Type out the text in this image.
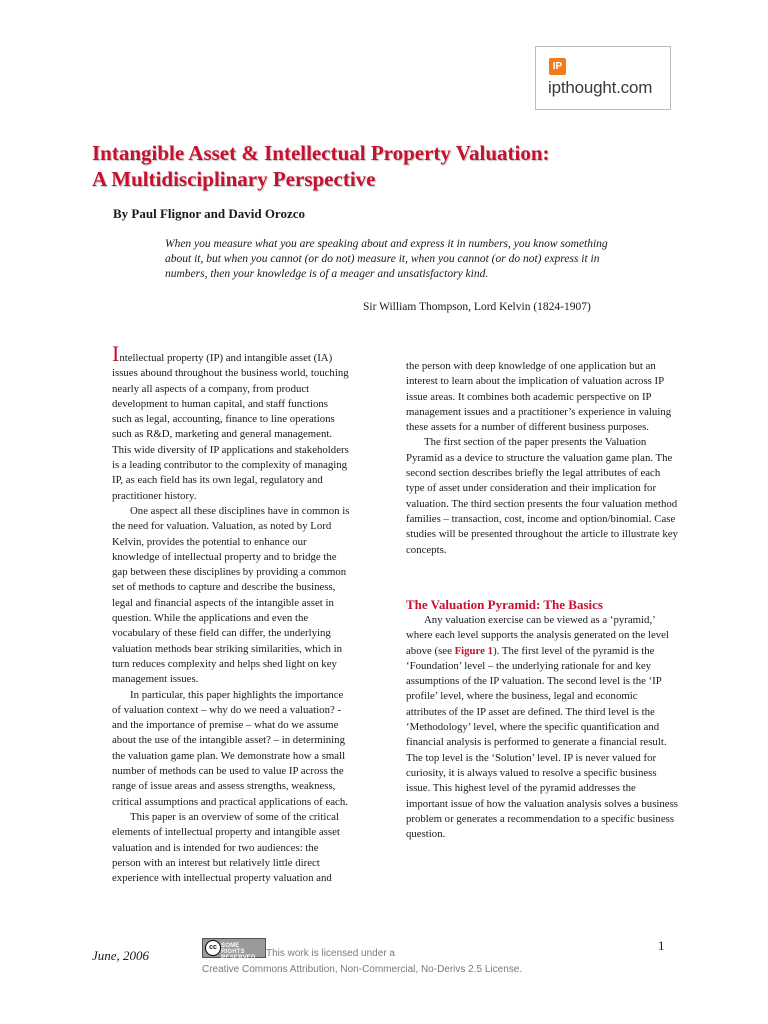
IP
ipthought.com
Intangible Asset & Intellectual Property Valuation:
A Multidisciplinary Perspective
By Paul Flignor and David Orozco
When you measure what you are speaking about and express it in numbers, you know something about it, but when you cannot (or do not) measure it, when you cannot (or do not) express it in numbers, then your knowledge is of a meager and unsatisfactory kind.
Sir William Thompson, Lord Kelvin (1824-1907)

Intellectual property (IP) and intangible asset (IA) issues abound throughout the business world, touching nearly all aspects of a company, from product development to human capital, and staff functions such as legal, accounting, finance to line operations such as R&D, marketing and general management. This wide diversity of IP applications and stakeholders is a leading contributor to the complexity of managing IP, as each field has its own legal, regulatory and practitioner history.

One aspect all these disciplines have in common is the need for valuation. Valuation, as noted by Lord Kelvin, provides the potential to enhance our knowledge of intellectual property and to bridge the gap between these disciplines by providing a common set of methods to capture and describe the business, legal and financial aspects of the intangible asset in question. While the applications and even the vocabulary of these field can differ, the underlying valuation methods bear striking similarities, which in turn reduces complexity and helps shed light on key management issues.

In particular, this paper highlights the importance of valuation context – why do we need a valuation? - and the importance of premise – what do we assume about the use of the intangible asset? – in determining the valuation game plan. We demonstrate how a small number of methods can be used to value IP across the range of issue areas and assess strengths, weakness, critical assumptions and practical applications of each.

This paper is an overview of some of the critical elements of intellectual property and intangible asset valuation and is intended for two audiences: the person with an interest but relatively little direct experience with intellectual property valuation and

the person with deep knowledge of one application but an interest to learn about the implication of valuation across IP issue areas. It combines both academic perspective on IP management issues and a practitioner’s experience in valuing these assets for a number of different business purposes.

The first section of the paper presents the Valuation Pyramid as a device to structure the valuation game plan. The second section describes briefly the legal attributes of each type of asset under consideration and their implication for valuation. The third section presents the four valuation method families – transaction, cost, income and option/binomial. Case studies will be presented throughout the article to illustrate key concepts.

The Valuation Pyramid: The Basics

Any valuation exercise can be viewed as a ‘pyramid,’ where each level supports the analysis generated on the level above (see Figure 1). The first level of the pyramid is the ‘Foundation’ level – the underlying rationale for and key assumptions of the IP valuation. The second level is the ‘IP profile’ level, where the business, legal and economic attributes of the IP asset are defined. The third level is the ‘Methodology’ level, where the specific quantification and financial analysis is performed to generate a financial result. The top level is the ‘Solution’ level. IP is never valued for curiosity, it is always valued to resolve a specific business issue. This highest level of the pyramid addresses the important issue of how the valuation analysis solves a business problem or generates a recommendation to a specific business question.

1
June, 2006	This work is licensed under a
Creative Commons Attribution, Non-Commercial, No-Derivs 2.5 License.
cc SOME RIGHTS RESERVED
